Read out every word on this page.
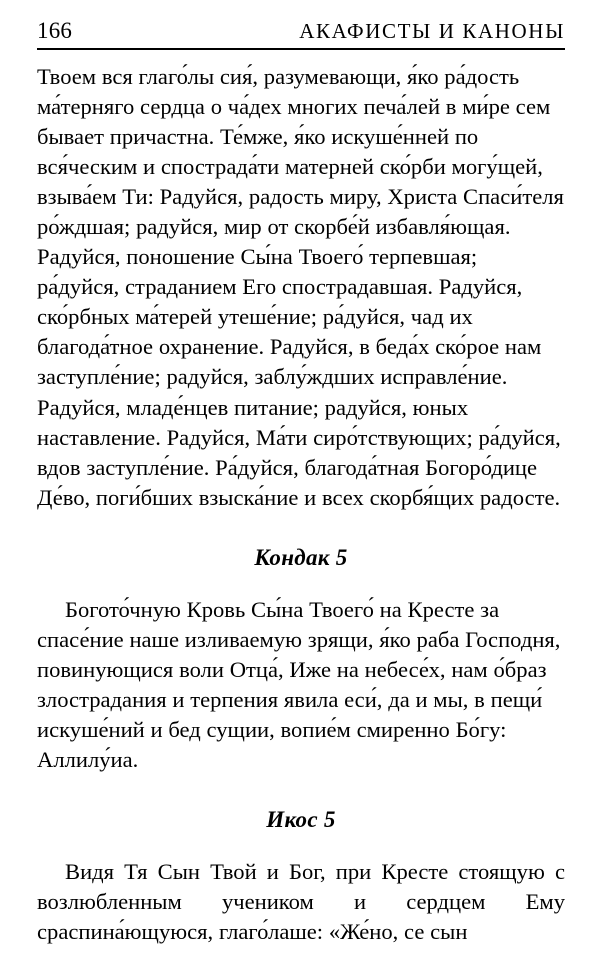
166	АКАФИСТЫ И КАНОНЫ

Твоем вся глаго́лы сия́, разумевающи, я́ко ра́дость ма́терняго сердца о ча́дех многих печа́лей в ми́ре сем бывает причастна. Те́мже, я́ко искуше́нней по вся́ческим и спострада́ти матерней ско́рби могу́щей, взыва́ем Ти: Радуйся, радость миру, Христа Спаси́теля ро́ждшая; радуйся, мир от скорбе́й избавля́ющая. Радуйся, поношение Сы́на Твоего́ терпевшая; ра́дуйся, страданием Его спострадавшая. Радуйся, ско́рбных ма́терей утеше́ние; ра́дуйся, чад их благода́тное охранение. Радуйся, в беда́х ско́рое нам заступле́ние; радуйся, заблу́ждших исправле́ние. Радуйся, младе́нцев питание; радуйся, юных наставление. Радуйся, Ма́ти сиро́тствующих; ра́дуйся, вдов заступле́ние. Ра́дуйся, благода́тная Богоро́дице Де́во, поги́бших взыска́ние и всех скорбя́щих радосте.

Кондак 5

Богото́чную Кровь Сы́на Твоего́ на Кресте за спасе́ние наше изливаемую зрящи, я́ко раба Господня, повинующися воли Отца́, Иже на небесе́х, нам о́браз злострадания и терпения явила еси́, да и мы, в пещи́ искуше́ний и бед сущии, вопие́м смиренно Бо́гу: Аллилу́иа.

Икос 5

Видя Тя Сын Твой и Бог, при Кресте стоящую с возлюбленным учеником и сердцем Ему сраспина́ющуюся, глаго́лаше: «Же́но, се сын
